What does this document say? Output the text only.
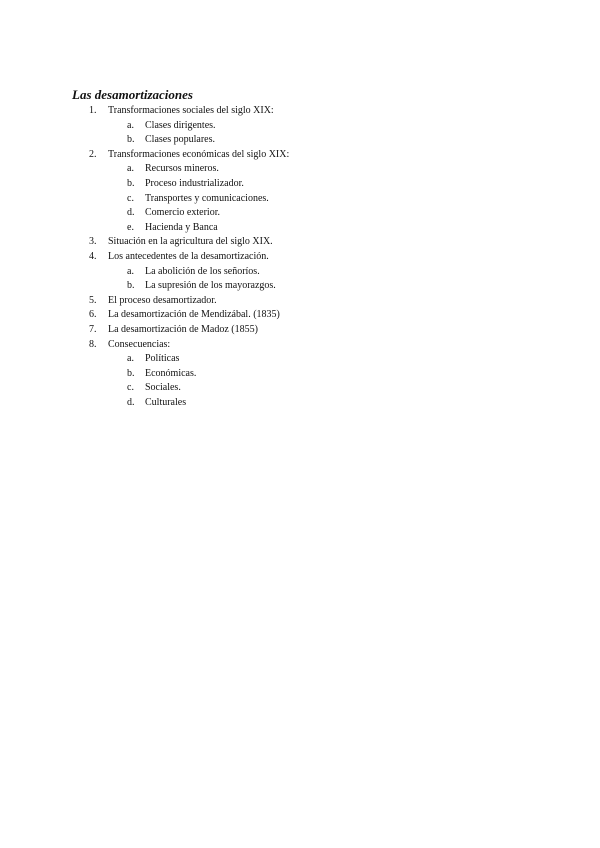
Las desamortizaciones
1.	Transformaciones sociales del siglo XIX:
a.	Clases dirigentes.
b.	Clases populares.
2.	Transformaciones económicas del siglo XIX:
a.	Recursos mineros.
b.	Proceso industrializador.
c.	Transportes y comunicaciones.
d.	Comercio exterior.
e.	Hacienda y Banca
3.	Situación en la agricultura del siglo XIX.
4.	Los antecedentes de la desamortización.
a.	La abolición de los señoríos.
b.	La supresión de los mayorazgos.
5.	El proceso desamortizador.
6.	La desamortización de Mendizábal. (1835)
7.	La desamortización de Madoz (1855)
8.	Consecuencias:
a.	Políticas
b.	Económicas.
c.	Sociales.
d.	Culturales
